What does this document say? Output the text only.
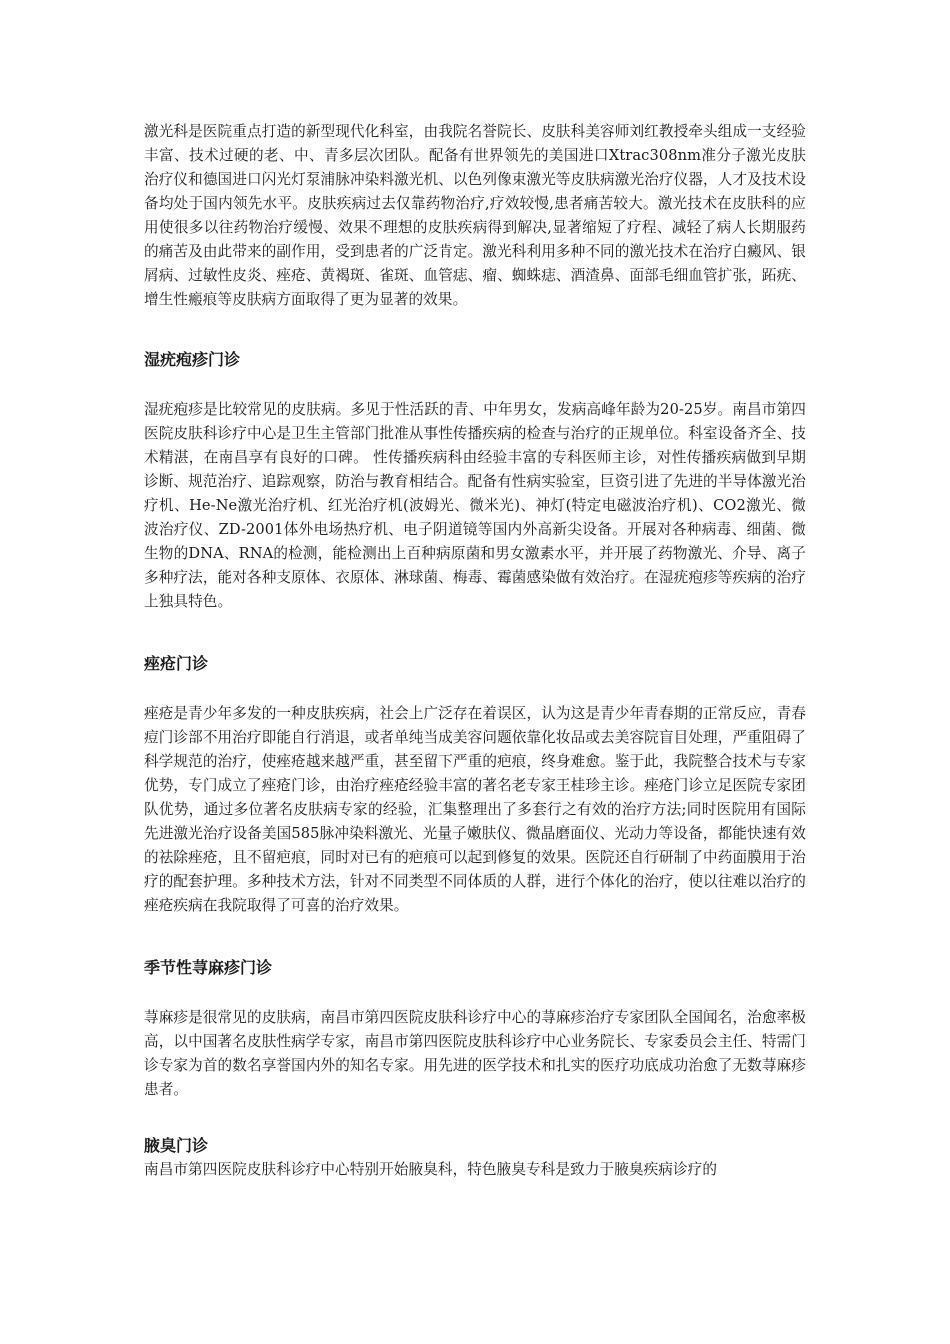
激光科是医院重点打造的新型现代化科室，由我院名誉院长、皮肤科美容师刘红教授牵头组成一支经验丰富、技术过硬的老、中、青多层次团队。配备有世界领先的美国进口Xtrac308nm准分子激光皮肤治疗仪和德国进口闪光灯泵浦脉冲染料激光机、以色列像束激光等皮肤病激光治疗仪器，人才及技术设备均处于国内领先水平。皮肤疾病过去仅靠药物治疗,疗效较慢,患者痛苦较大。激光技术在皮肤科的应用使很多以往药物治疗缓慢、效果不理想的皮肤疾病得到解决,显著缩短了疗程、减轻了病人长期服药的痛苦及由此带来的副作用，受到患者的广泛肯定。激光科利用多种不同的激光技术在治疗白癜风、银屑病、过敏性皮炎、痤疮、黄褐斑、雀斑、血管痣、瘤、蜘蛛痣、酒渣鼻、面部毛细血管扩张，跖疣、增生性瘢痕等皮肤病方面取得了更为显著的效果。

湿疣疱疹门诊

湿疣疱疹是比较常见的皮肤病。多见于性活跃的青、中年男女，发病高峰年龄为20-25岁。南昌市第四医院皮肤科诊疗中心是卫生主管部门批准从事性传播疾病的检查与治疗的正规单位。科室设备齐全、技术精湛，在南昌享有良好的口碑。 性传播疾病科由经验丰富的专科医师主诊，对性传播疾病做到早期诊断、规范治疗、追踪观察，防治与教育相结合。配备有性病实验室，巨资引进了先进的半导体激光治疗机、He-Ne激光治疗机、红光治疗机(波姆光、微米光)、神灯(特定电磁波治疗机)、CO2激光、微波治疗仪、ZD-2001体外电场热疗机、电子阴道镜等国内外高新尖设备。开展对各种病毒、细菌、微生物的DNA、RNA的检测，能检测出上百种病原菌和男女激素水平，并开展了药物激光、介导、离子多种疗法，能对各种支原体、衣原体、淋球菌、梅毒、霉菌感染做有效治疗。在湿疣疱疹等疾病的治疗上独具特色。

痤疮门诊

痤疮是青少年多发的一种皮肤疾病，社会上广泛存在着误区，认为这是青少年青春期的正常反应，青春痘门诊部不用治疗即能自行消退，或者单纯当成美容问题依靠化妆品或去美容院盲目处理，严重阻碍了科学规范的治疗，使痤疮越来越严重，甚至留下严重的疤痕，终身难愈。鉴于此，我院整合技术与专家优势，专门成立了痤疮门诊，由治疗痤疮经验丰富的著名老专家王桂珍主诊。痤疮门诊立足医院专家团队优势，通过多位著名皮肤病专家的经验，汇集整理出了多套行之有效的治疗方法;同时医院用有国际先进激光治疗设备美国585脉冲染料激光、光量子嫩肤仪、微晶磨面仪、光动力等设备，都能快速有效的祛除痤疮，且不留疤痕，同时对已有的疤痕可以起到修复的效果。医院还自行研制了中药面膜用于治疗的配套护理。多种技术方法，针对不同类型不同体质的人群，进行个体化的治疗，使以往难以治疗的痤疮疾病在我院取得了可喜的治疗效果。

季节性荨麻疹门诊

荨麻疹是很常见的皮肤病，南昌市第四医院皮肤科诊疗中心的荨麻疹治疗专家团队全国闻名，治愈率极高，以中国著名皮肤性病学专家，南昌市第四医院皮肤科诊疗中心业务院长、专家委员会主任、特需门诊专家为首的数名享誉国内外的知名专家。用先进的医学技术和扎实的医疗功底成功治愈了无数荨麻疹患者。

腋臭门诊

南昌市第四医院皮肤科诊疗中心特别开始腋臭科，特色腋臭专科是致力于腋臭疾病诊疗的
